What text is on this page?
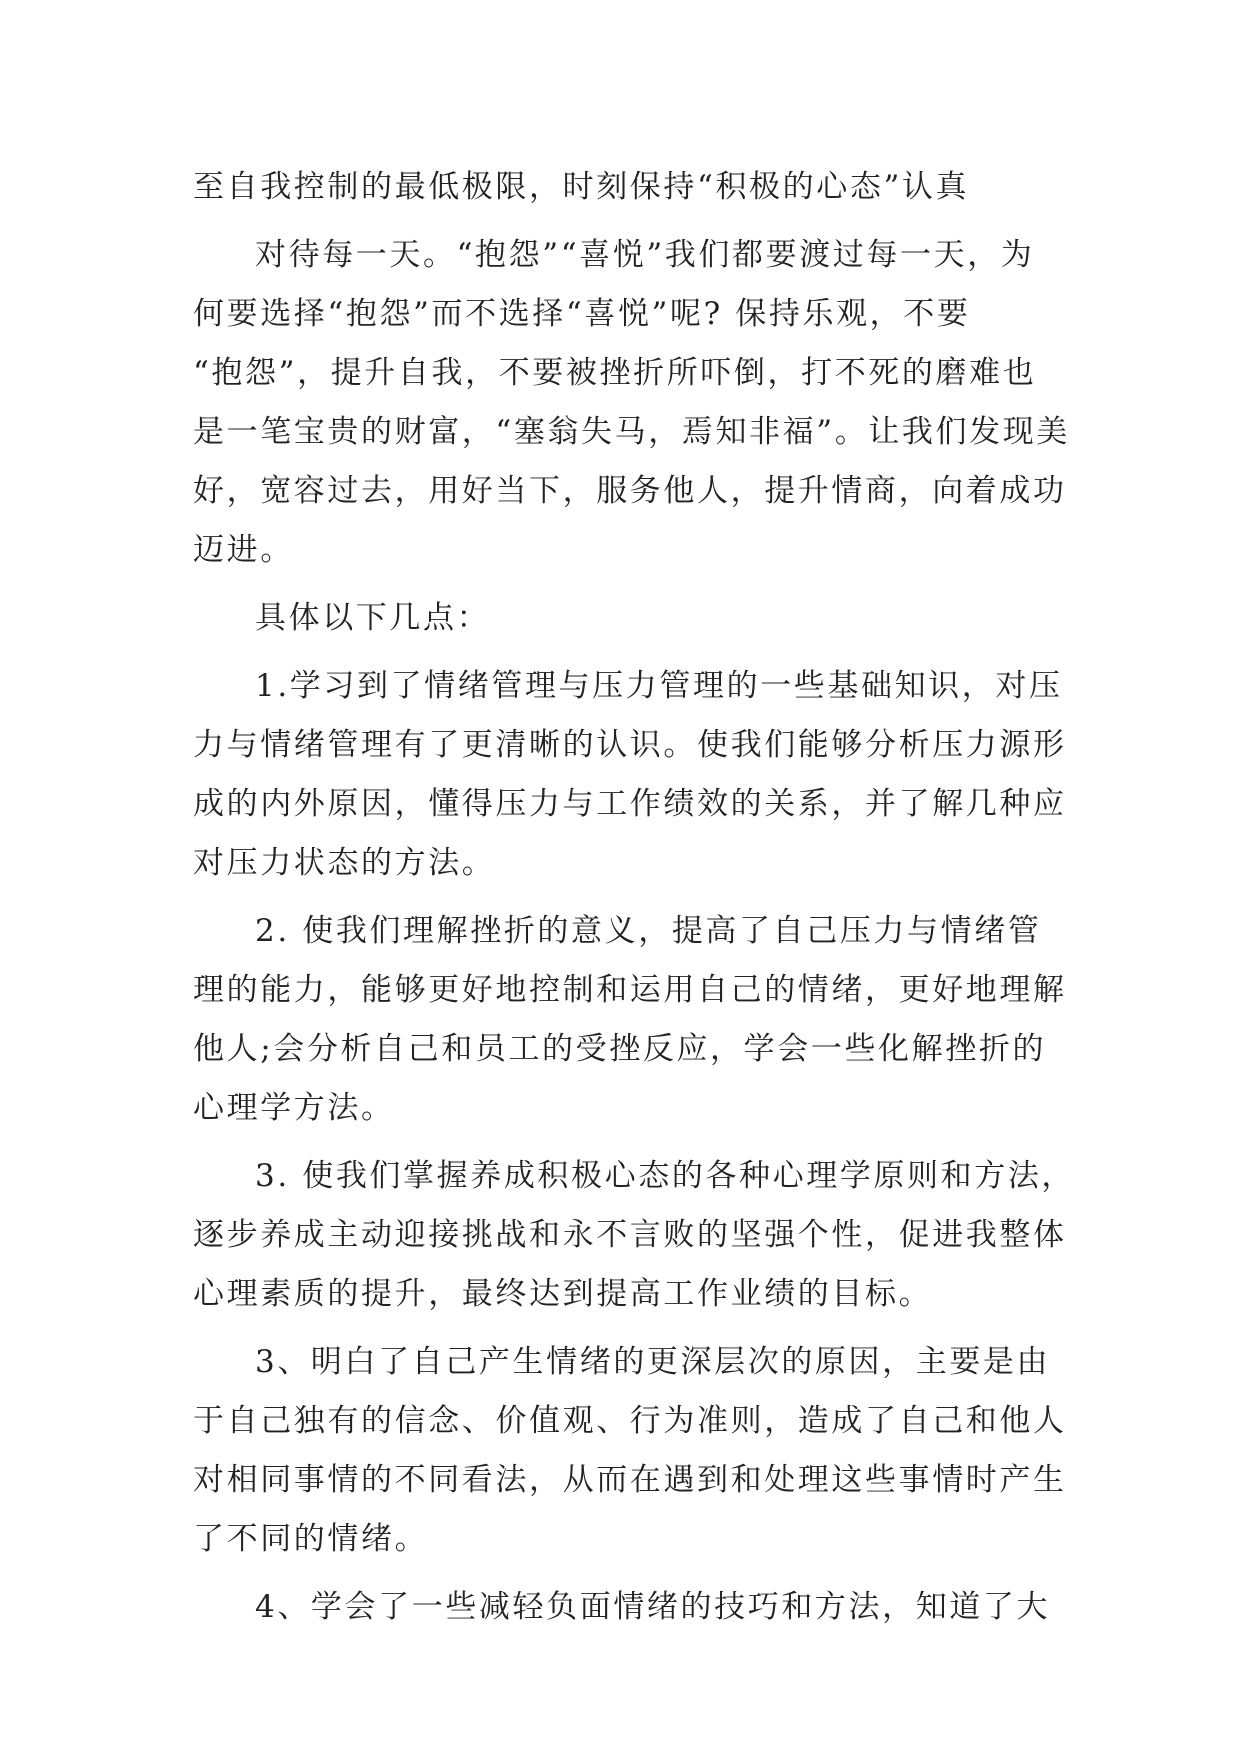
至自我控制的最低极限，时刻保持“积极的心态”认真
对待每一天。“抱怨”“喜悦”我们都要渡过每一天，为
何要选择“抱怨”而不选择“喜悦”呢? 保持乐观，不要
“抱怨”，提升自我，不要被挫折所吓倒，打不死的磨难也
是一笔宝贵的财富，“塞翁失马，焉知非福”。让我们发现美
好，宽容过去，用好当下，服务他人，提升情商，向着成功
迈进。
具体以下几点：
1.学习到了情绪管理与压力管理的一些基础知识，对压
力与情绪管理有了更清晰的认识。使我们能够分析压力源形
成的内外原因，懂得压力与工作绩效的关系，并了解几种应
对压力状态的方法。
2. 使我们理解挫折的意义，提高了自己压力与情绪管
理的能力，能够更好地控制和运用自己的情绪，更好地理解
他人;会分析自己和员工的受挫反应，学会一些化解挫折的
心理学方法。
3. 使我们掌握养成积极心态的各种心理学原则和方法，
逐步养成主动迎接挑战和永不言败的坚强个性，促进我整体
心理素质的提升，最终达到提高工作业绩的目标。
3、明白了自己产生情绪的更深层次的原因，主要是由
于自己独有的信念、价值观、行为准则，造成了自己和他人
对相同事情的不同看法，从而在遇到和处理这些事情时产生
了不同的情绪。
4、学会了一些减轻负面情绪的技巧和方法，知道了大
